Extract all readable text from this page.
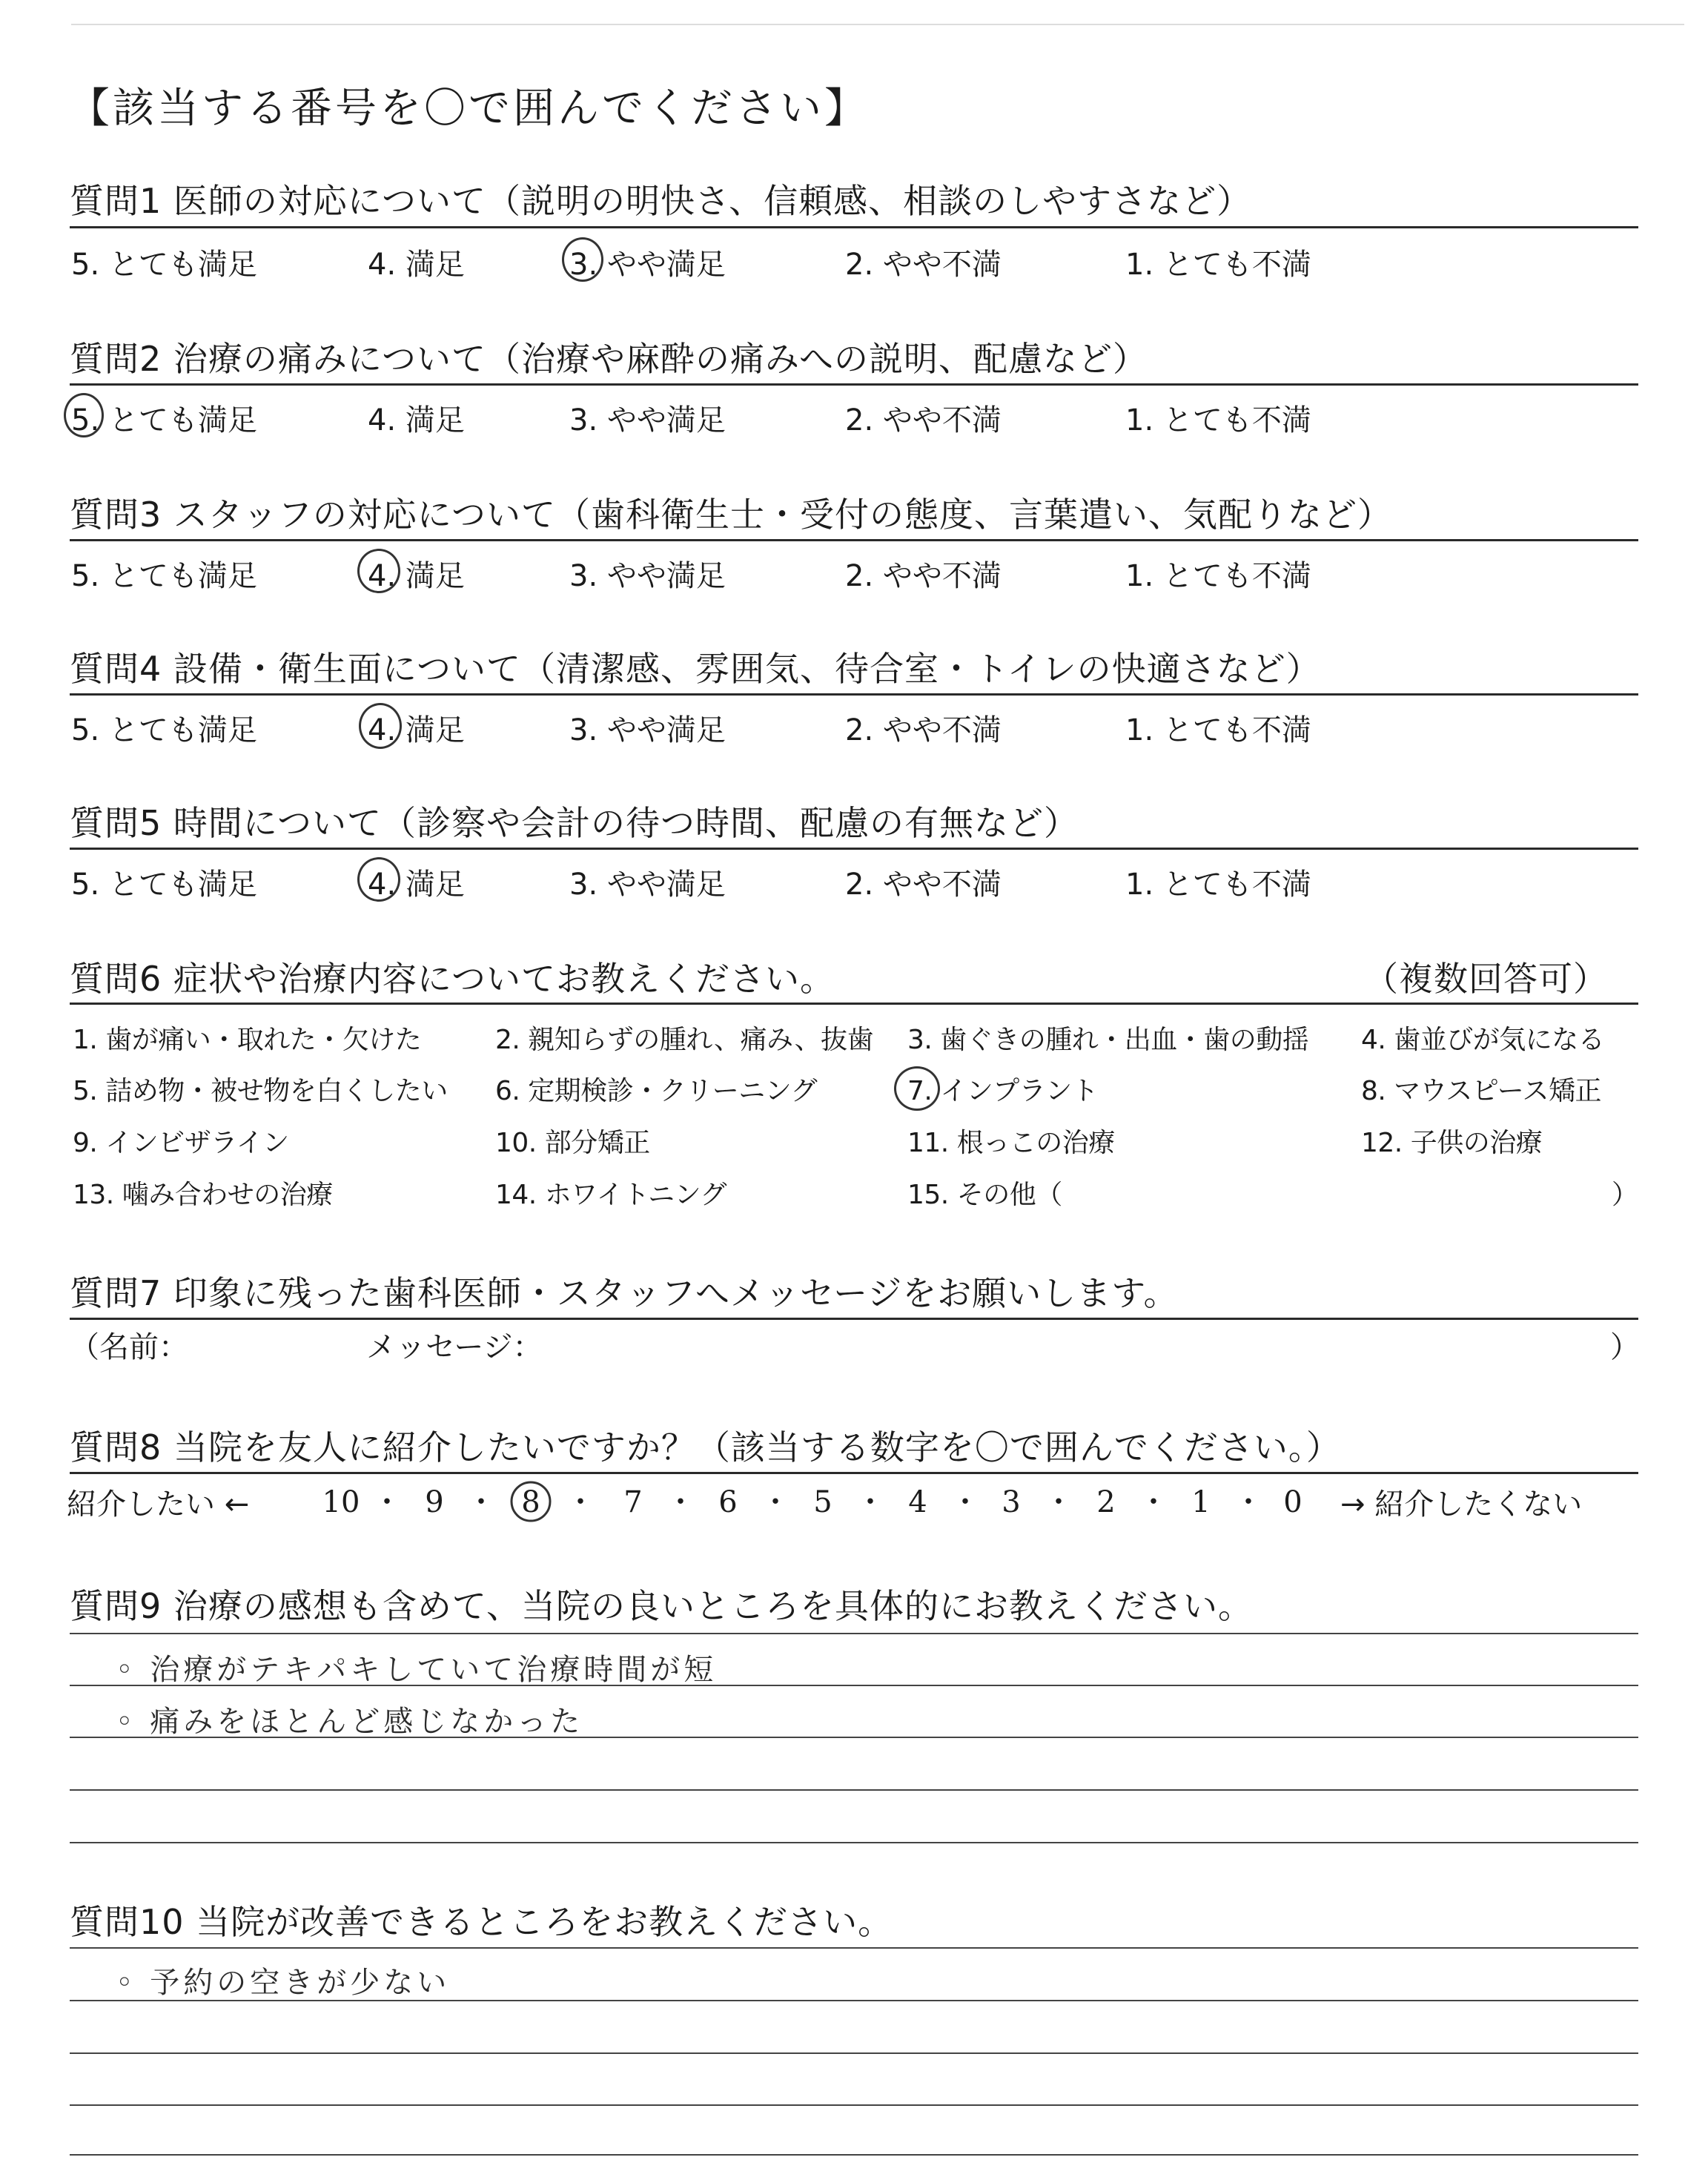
【該当する番号を〇で囲んでください】
質問1 医師の対応について（説明の明快さ、信頼感、相談のしやすさなど）
5. とても満足	4. 満足	3. やや満足	2. やや不満	1. とても不満
質問2 治療の痛みについて（治療や麻酔の痛みへの説明、配慮など）
5. とても満足	4. 満足	3. やや満足	2. やや不満	1. とても不満
質問3 スタッフの対応について（歯科衛生士・受付の態度、言葉遣い、気配りなど）
5. とても満足	4. 満足	3. やや満足	2. やや不満	1. とても不満
質問4 設備・衛生面について（清潔感、雰囲気、待合室・トイレの快適さなど）
5. とても満足	4. 満足	3. やや満足	2. やや不満	1. とても不満
質問5 時間について（診察や会計の待つ時間、配慮の有無など）
5. とても満足	4. 満足	3. やや満足	2. やや不満	1. とても不満
質問6 症状や治療内容についてお教えください。	（複数回答可）
1. 歯が痛い・取れた・欠けた	2. 親知らずの腫れ、痛み、抜歯 3. 歯ぐきの腫れ・出血・歯の動揺 4. 歯並びが気になる
5. 詰め物・被せ物を白くしたい 6. 定期検診・クリーニング	7. インプラント	8. マウスピース矯正
9. インビザライン	10. 部分矯正	11. 根っこの治療	12. 子供の治療
13. 噛み合わせの治療	14. ホワイトニング	15. その他（	）
質問7 印象に残った歯科医師・スタッフへメッセージをお願いします。
（名前：	メッセージ：	）
質問8 当院を友人に紹介したいですか？（該当する数字を〇で囲んでください。）
紹介したい ←	→ 紹介したくない
10 ・ 9 ・ 8 ・ 7 ・ 6 ・ 5 ・ 4 ・ 3 ・ 2 ・ 1 ・ 0
質問9 治療の感想も含めて、当院の良いところを具体的にお教えください。
◦ 治療がテキパキしていて治療時間が短
◦ 痛みをほとんど感じなかった
質問10 当院が改善できるところをお教えください。
◦ 予約の空きが少ない
